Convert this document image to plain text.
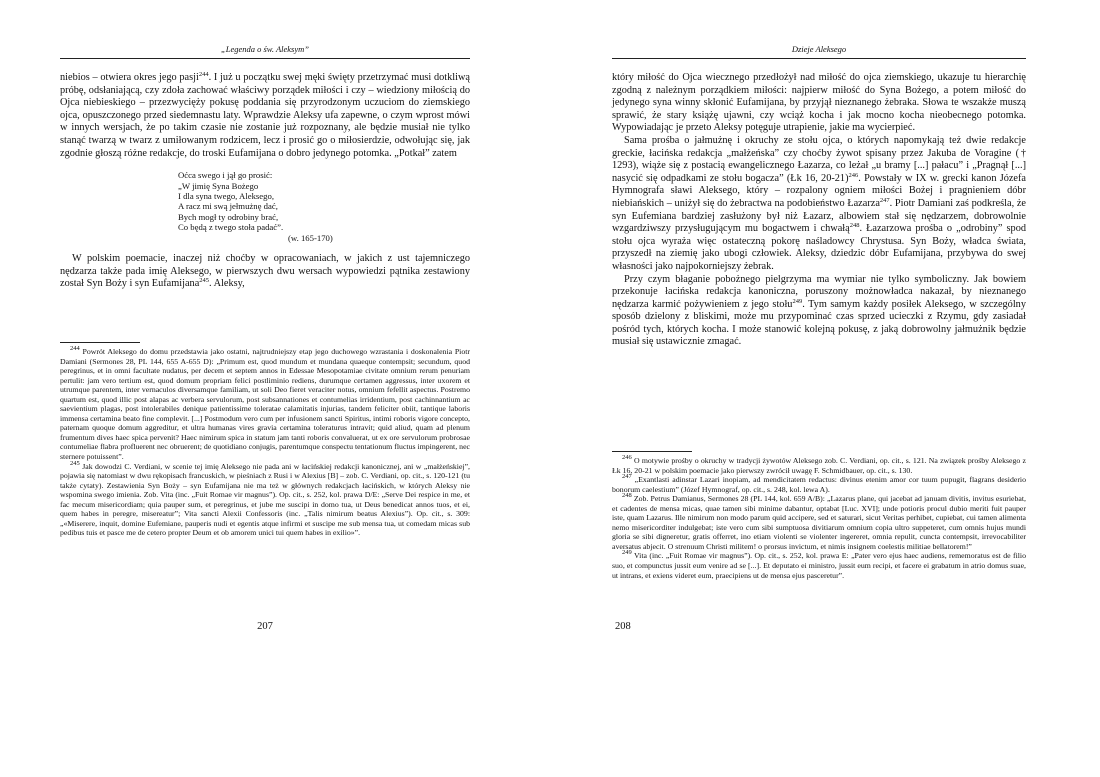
„Legenda o św. Aleksym”

niebios – otwiera okres jego pasji$^{244}$. I już u początku swej męki święty przetrzymać musi dotkliwą próbę, odsłaniającą, czy zdoła zachować właściwy porządek miłości i czy – wiedziony miłością do Ojca niebieskiego – przezwycięży pokusę poddania się przyrodzonym uczuciom do ziemskiego ojca, opuszczonego przed siedemnastu laty. Wprawdzie Aleksy ufa zapewne, o czym wprost mówi w innych wersjach, że po takim czasie nie zostanie już rozpoznany, ale będzie musiał nie tylko stanąć twarzą w twarz z umiłowanym rodzicem, lecz i prosić go o miłosierdzie, odwołując się, jak zgodnie głoszą różne redakcje, do troski Eufamijana o dobro jedynego potomka. „Potkał” zatem

Oćca swego i jął go prosić:
„W jimię Syna Bożego
I dla syna twego, Aleksego,
A racz mi swą jełmużnę dać,
Bych mogł ty odrobiny brać,
Co będą z twego stoła padać”.
(w. 165-170)

W polskim poemacie, inaczej niż choćby w opracowaniach, w jakich z ust tajemniczego nędzarza także pada imię Aleksego, w pierwszych dwu wersach wypowiedzi pątnika zestawiony został Syn Boży i syn Eufamijana$^{245}$. Aleksy,

$^{244}$ Powrót Aleksego do domu przedstawia jako ostatni, najtrudniejszy etap jego duchowego wzrastania i doskonalenia Piotr Damiani (Sermones 28, PL 144, 655 A-655 D): „Primum est, quod mundum et mundana quaeque contempsit; secundum, quod peregrinus, et in omni facultate nudatus, per decem et septem annos in Edessae Mesopotamiae civitate omnium rerum penuriam pertulit: jam vero tertium est, quod domum propriam felici postliminio rediens, durumque certamen aggressus, inter uxorem et utrumque parentem, inter vernaculos diversamque familiam, ut soli Deo fieret veraciter notus, omnium fefellit aspectus. Postremo quartum est, quod illic post alapas ac verbera servulorum, post subsannationes et contumelias irridentium, post cachinnantium ac saevientium plagas, post intolerabiles denique patientissime toleratae calamitatis injurias, tandem feliciter obiit, tantique laboris immensa certamina beato fine complevit. [...] Postmodum vero cum per infusionem sancti Spiritus, intimi roboris vigore concepto, paternam quoque domum aggreditur, et ultra humanas vires gravia certamina toleraturus intravit; quid aliud, quam ad plenum frumentum dives haec spica pervenit? Haec nimirum spica in statum jam tanti roboris convaluerat, ut ex ore servulorum probrosae contumeliae flabra profluerent nec obruerent; de quotidiano conjugis, parentumque conspectu tentationum fluctus impingerent, nec sternere potuissent”.

$^{245}$ Jak dowodzi C. Verdiani, w scenie tej imię Aleksego nie pada ani w łacińskiej redakcji kanonicznej, ani w „małżeńskiej”, pojawia się natomiast w dwu rękopisach francuskich, w pieśniach z Rusi i w Alexius [B] – zob. C. Verdiani, op. cit., s. 120-121 (tu także cytaty). Zestawienia Syn Boży – syn Eufamijana nie ma też w głównych redakcjach łacińskich, w których Aleksy nie wspomina swego imienia. Zob. Vita (inc. „Fuit Romae vir magnus”). Op. cit., s. 252, kol. prawa D/E: „Serve Dei respice in me, et fac mecum misericordiam; quia pauper sum, et peregrinus, et jube me suscipi in domo tua, ut Deus benedicat annos tuos, et ei, quem habes in peregre, misereatur”; Vita sancti Alexii Confessoris (inc. „Talis nimirum beatus Alexius”). Op. cit., s. 309: „«Miserere, inquit, domine Eufemiane, pauperis nudi et egentis atque infirmi et suscipe me sub mensa tua, ut comedam micas sub pedibus tuis et pasce me de cetero propter Deum et ob amorem unici tui quem habes in exilio»”.

207
Dzieje Aleksego

który miłość do Ojca wiecznego przedłożył nad miłość do ojca ziemskiego, ukazuje tu hierarchię zgodną z należnym porządkiem miłości: najpierw miłość do Syna Bożego, a potem miłość do jedynego syna winny skłonić Eufamijana, by przyjął nieznanego żebraka. Słowa te wszakże muszą sprawić, że stary książę ujawni, czy wciąż kocha i jak mocno kocha nieobecnego potomka. Wypowiadając je przeto Aleksy potęguje utrapienie, jakie ma wycierpieć.

Sama prośba o jałmużnę i okruchy ze stołu ojca, o których napomykają też dwie redakcje greckie, łacińska redakcja „małżeńska” czy choćby żywot spisany przez Jakuba de Voragine († 1293), wiąże się z postacią ewangelicznego Łazarza, co leżał „u bramy [...] pałacu” i „Pragnął [...] nasycić się odpadkami ze stołu bogacza” (Łk 16, 20-21)$^{246}$. Powstały w IX w. grecki kanon Józefa Hymnografa sławi Aleksego, który – rozpalony ogniem miłości Bożej i pragnieniem dóbr niebiańskich – uniżył się do żebractwa na podobieństwo Łazarza$^{247}$. Piotr Damiani zaś podkreśla, że syn Eufemiana bardziej zasłużony był niż Łazarz, albowiem stał się nędzarzem, dobrowolnie wzgardziwszy przysługującym mu bogactwem i chwałą$^{248}$. Łazarzowa prośba o „odrobiny” spod stołu ojca wyraża więc ostateczną pokorę naśladowcy Chrystusa. Syn Boży, władca świata, przyszedł na ziemię jako ubogi człowiek. Aleksy, dziedzic dóbr Eufamijana, przybywa do swej własności jako najpokorniejszy żebrak.

Przy czym błaganie pobożnego pielgrzyma ma wymiar nie tylko symboliczny. Jak bowiem przekonuje łacińska redakcja kanoniczna, poruszony możnowładca nakazał, by nieznanego nędzarza karmić pożywieniem z jego stołu$^{249}$. Tym samym każdy posiłek Aleksego, w szczególny sposób dzielony z bliskimi, może mu przypominać czas sprzed ucieczki z Rzymu, gdy zasiadał pośród tych, których kocha. I może stanowić kolejną pokusę, z jaką dobrowolny jałmużnik będzie musiał się ustawicznie zmagać.

$^{246}$ O motywie prośby o okruchy w tradycji żywotów Aleksego zob. C. Verdiani, op. cit., s. 121. Na związek prośby Aleksego z Łk 16, 20-21 w polskim poemacie jako pierwszy zwrócił uwagę F. Schmidbauer, op. cit., s. 130.

$^{247}$ „Exantlasti adinstar Lazari inopiam, ad mendicitatem redactus: divinus etenim amor cor tuum pupugit, flagrans desiderio bonorum caelestium” (Józef Hymnograf, op. cit., s. 248, kol. lewa A).

$^{248}$ Zob. Petrus Damianus, Sermones 28 (PL 144, kol. 659 A/B): „Lazarus plane, qui jacebat ad januam divitis, invitus esuriebat, et cadentes de mensa micas, quae tamen sibi minime dabantur, optabat [Luc. XVI]; unde potioris procul dubio meriti fuit pauper iste, quam Lazarus. Ille nimirum non modo parum quid accipere, sed et saturari, sicut Veritas perhibet, cupiebat, cui tamen alimenta nemo misericorditer indulgebat; iste vero cum sibi sumptuosa divitiarum omnium copia ultro suppeteret, cum omnis hujus mundi gloria se sibi digneretur, gratis offerret, ino etiam violenti se violenter ingereret, omnia repulit, cuncta contempsit, irrevocabiliter aversatus abjecit. O strenuum Christi militem! o prorsus invictum, et nimis insignem coelestis militiae bellatorem!”

$^{249}$ Vita (inc. „Fuit Romae vir magnus”). Op. cit., s. 252, kol. prawa E: „Pater vero ejus haec audiens, rememoratus est de filio suo, et compunctus jussit eum venire ad se [...]. Et deputato ei ministro, jussit eum recipi, et facere ei grabatum in atrio domus suae, ut intrans, et exiens videret eum, praecipiens ut de mensa ejus pasceretur”.

208
